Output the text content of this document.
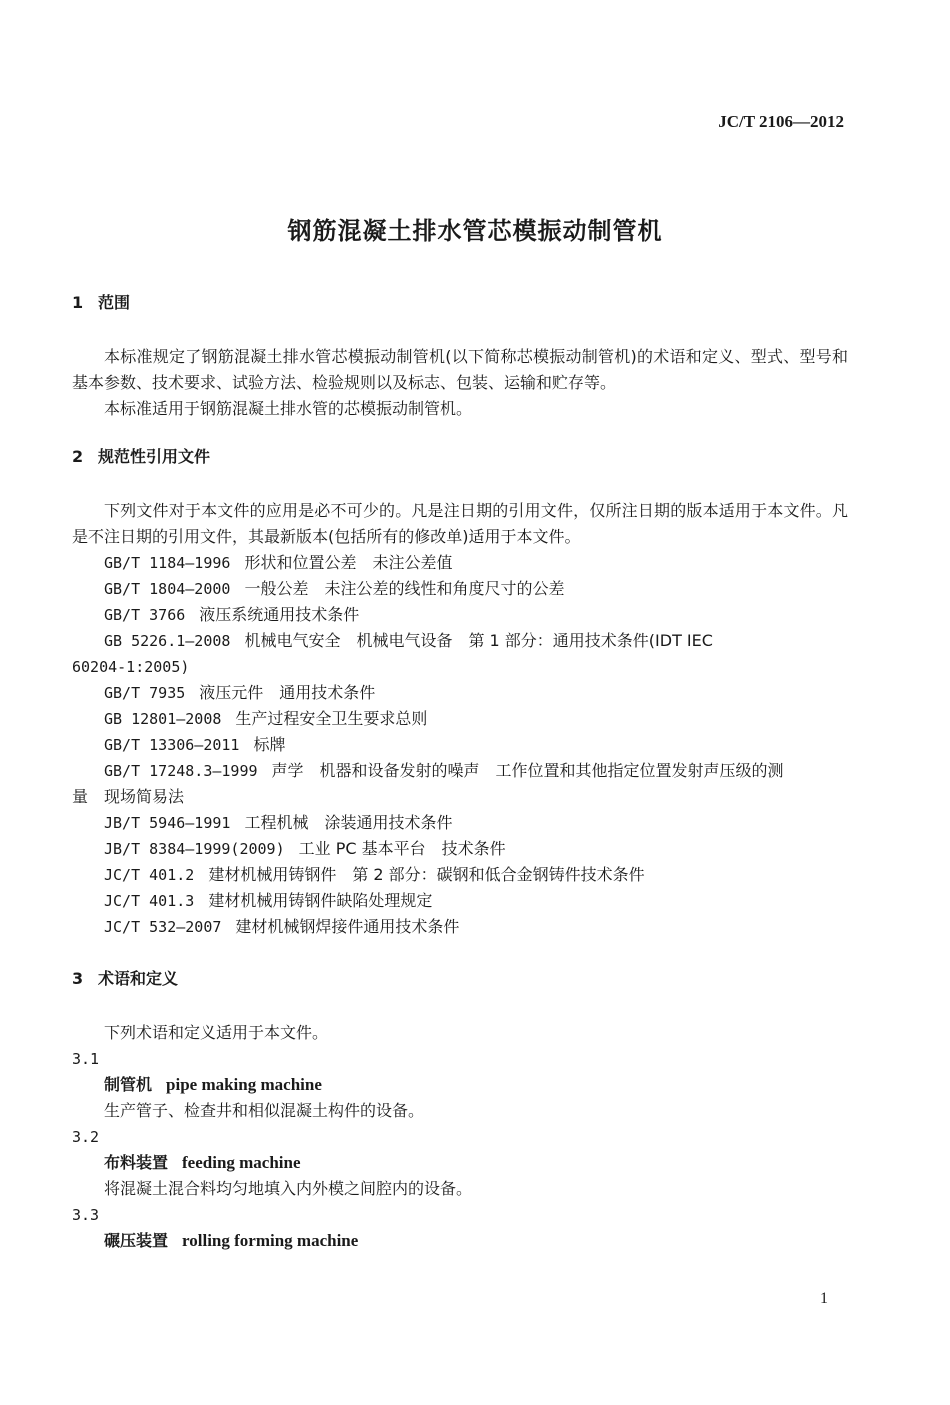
JC/T 2106—2012
钢筋混凝土排水管芯模振动制管机

1 范围

本标准规定了钢筋混凝土排水管芯模振动制管机(以下简称芯模振动制管机)的术语和定义、型式、型号和基本参数、技术要求、试验方法、检验规则以及标志、包装、运输和贮存等。

本标准适用于钢筋混凝土排水管的芯模振动制管机。

2 规范性引用文件

下列文件对于本文件的应用是必不可少的。凡是注日期的引用文件，仅所注日期的版本适用于本文件。凡是不注日期的引用文件，其最新版本(包括所有的修改单)适用于本文件。

GB/T 1184—1996 形状和位置公差　未注公差值

GB/T 1804—2000 一般公差　未注公差的线性和角度尺寸的公差

GB/T 3766 液压系统通用技术条件

GB 5226.1—2008 机械电气安全　机械电气设备　第 1 部分：通用技术条件(IDT IEC

60204-1:2005)

GB/T 7935 液压元件　通用技术条件

GB 12801—2008 生产过程安全卫生要求总则

GB/T 13306—2011 标牌

GB/T 17248.3—1999 声学　机器和设备发射的噪声　工作位置和其他指定位置发射声压级的测

量　现场简易法

JB/T 5946—1991 工程机械　涂装通用技术条件

JB/T 8384—1999(2009) 工业 PC 基本平台　技术条件

JC/T 401.2 建材机械用铸钢件　第 2 部分：碳钢和低合金钢铸件技术条件

JC/T 401.3 建材机械用铸钢件缺陷处理规定

JC/T 532—2007 建材机械钢焊接件通用技术条件

3 术语和定义

下列术语和定义适用于本文件。

3.1

制管机 pipe making machine

生产管子、检查井和相似混凝土构件的设备。

3.2

布料装置 feeding machine

将混凝土混合料均匀地填入内外模之间腔内的设备。

3.3

碾压装置 rolling forming machine

1
